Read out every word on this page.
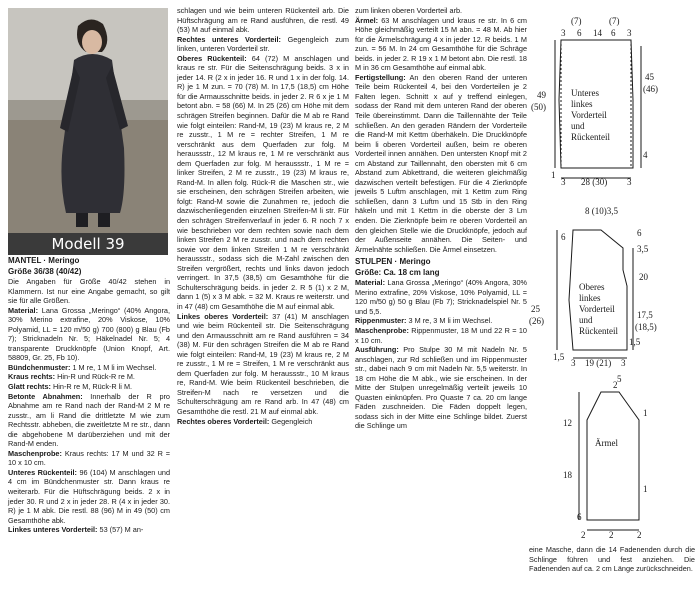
Modell 39

MANTEL · Meringo

Größe 36/38 (40/42)

Die Angaben für Größe 40/42 stehen in Klammern. Ist nur eine Angabe gemacht, so gilt sie für alle Größen.

Material: Lana Grossa „Meringo“ (40% Angora, 30% Merino extrafine, 20% Viskose, 10% Polyamid, LL = 120 m/50 g) 700 (800) g Blau (Fb 7); Stricknadeln Nr. 5; Häkelnadel Nr. 5; 4 transparente Druckknöpfe (Union Knopf, Art. 58809, Gr. 25, Fb 10).

Bündchenmuster: 1 M re, 1 M li im Wechsel.

Kraus rechts: Hin-R und Rück-R re M.

Glatt rechts: Hin-R re M, Rück-R li M.

Betonte Abnahmen: Innerhalb der R pro Abnahme am re Rand nach der Rand-M 2 M re zusstr., am li Rand die drittletzte M wie zum Rechtsstr. abheben, die zweitletzte M re str., dann die abgehobene M darüberziehen und mit der Rand-M enden.

Maschenprobe: Kraus rechts: 17 M und 32 R = 10 x 10 cm.

Unteres Rückenteil: 96 (104) M anschlagen und 4 cm im Bündchenmuster str. Dann kraus re weiterarb. Für die Hüftschrägung beids. 2 x in jeder 30. R und 2 x in jeder 28. R (4 x in jeder 30. R) je 1 M abk. Die restl. 88 (96) M in 49 (50) cm Gesamthöhe abk.

Linkes unteres Vorderteil: 53 (57) M an-

schlagen und wie beim unteren Rückenteil arb. Die Hüftschrägung am re Rand ausführen, die restl. 49 (53) M auf einmal abk.

Rechtes unteres Vorderteil: Gegengleich zum linken, unteren Vorderteil str.

Oberes Rückenteil: 64 (72) M anschlagen und kraus re str. Für die Seitenschrägung beids. 3 x in jeder 14. R (2 x in jeder 16. R und 1 x in der folg. 14. R) je 1 M zun. = 70 (78) M. In 17,5 (18,5) cm Höhe für die Armausschnitte beids. in jeder 2. R 6 x je 1 M betont abn. = 58 (66) M. In 25 (26) cm Höhe mit dem schrägen Streifen beginnen. Dafür die M ab re Rand wie folgt einteilen: Rand-M, 19 (23) M kraus re, 2 M re zusstr., 1 M re = rechter Streifen, 1 M re verschränkt aus dem Querfaden zur folg. M heraussstr., 12 M kraus re, 1 M re verschränkt aus dem Querfaden zur folg. M heraussstr., 1 M re = linker Streifen, 2 M re zusstr., 19 (23) M kraus re, Rand-M. In allen folg. Rück-R die Maschen str., wie sie erscheinen, den schrägen Streifen arbeiten, wie folgt: Rand-M sowie die Zunahmen re, jedoch die dazwischenliegenden einzelnen Streifen-M li str. Für den schrägen Streifenverlauf in jeder 6. R noch 7 x wie beschrieben vor dem rechten sowie nach dem linken Streifen 2 M re zusstr. und nach dem rechten sowie vor dem linken Streifen 1 M re verschränkt heraussstr., sodass sich die M-Zahl zwischen den Streifen vergrößert, rechts und links davon jedoch verringert. In 37,5 (38,5) cm Gesamthöhe für die Schulterschrägung beids. in jeder 2. R 5 (1) x 2 M, dann 1 (5) x 3 M abk. = 32 M. Kraus re weiterstr. und in 47 (48) cm Gesamthöhe die M auf einmal abk.

Linkes oberes Vorderteil: 37 (41) M anschlagen und wie beim Rückenteil str. Die Seitenschrägung und den Armausschnitt am re Rand ausführen = 34 (38) M. Für den schrägen Streifen die M ab re Rand wie folgt einteilen: Rand-M, 19 (23) M kraus re, 2 M re zusstr., 1 M re = Streifen, 1 M re verschränkt aus dem Querfaden zur folg. M heraussstr., 10 M kraus re, Rand-M. Wie beim Rückenteil beschrieben, die Streifen-M nach re versetzen und die Schulterschrägung am re Rand arb. In 47 (48) cm Gesamthöhe die restl. 21 M auf einmal abk.

Rechtes oberes Vorderteil: Gegengleich

zum linken oberen Vorderteil arb.

Ärmel: 63 M anschlagen und kraus re str. In 6 cm Höhe gleichmäßig verteilt 15 M abn. = 48 M. Ab hier für die Ärmelschrägung 4 x in jeder 12. R beids. 1 M zun. = 56 M. In 24 cm Gesamthöhe für die Schräge beids. in jeder 2. R 19 x 1 M betont abn. Die restl. 18 M in 36 cm Gesamthöhe auf einmal abk.

Fertigstellung: An den oberen Rand der unteren Teile beim Rückenteil 4, bei den Vorderteilen je 2 Falten legen. Schnitt x auf y treffend einlegen, sodass der Rand mit dem unteren Rand der oberen Teile übereinstimmt. Dann die Taillennähte der Teile schließen. An den geraden Rändern der Vorderteile die Rand-M mit Kettm überhäkeln. Die Druckknöpfe beim li oberen Vorderteil außen, beim re oberen Vorderteil innen annähen. Den untersten Knopf mit 2 cm Abstand zur Taillennaht, den obersten mit 6 cm Abstand zum Abkettrand, die weiteren gleichmäßig dazwischen verteilt befestigen. Für die 4 Zierknöpfe jeweils 5 Luftm anschlagen, mit 1 Kettm zum Ring schließen, dann 3 Luftm und 15 Stb in den Ring häkeln und mit 1 Kettm in die oberste der 3 Lm enden. Die Zierknöpfe beim re oberen Vorderteil an den gleichen Stelle wie die Druckknöpfe, jedoch auf der Außenseite annähen. Die Seiten- und Ärmelnähte schließen. Die Ärmel einsetzen.

STULPEN · Meringo

Größe: Ca. 18 cm lang

Material: Lana Grossa „Meringo“ (40% Angora, 30% Merino extrafine, 20% Viskose, 10% Polyamid, LL = 120 m/50 g) 50 g Blau (Fb 7); Stricknadelspiel Nr. 5 und 5,5.

Rippenmuster: 3 M re, 3 M li im Wechsel.

Maschenprobe: Rippenmuster, 18 M und 22 R = 10 x 10 cm.

Ausführung: Pro Stulpe 30 M mit Nadeln Nr. 5 anschlagen, zur Rd schließen und im Rippenmuster str., dabei nach 9 cm mit Nadeln Nr. 5,5 weiterstr. In 18 cm Höhe die M abk., wie sie erscheinen. In der Mitte der Stulpen unregelmäßig verteilt jeweils 10 Quasten einknüpfen. Pro Quaste 7 ca. 20 cm lange Fäden zuschneiden. Die Fäden doppelt legen, sodass sich in der Mitte eine Schlinge bildet. Zuerst die Schlinge um

eine Masche, dann die 14 Fadenenden durch die Schlinge führen und fest anziehen. Die Fadenenden auf ca. 2 cm Länge zurückschneiden.

3 6 14 6 3
(7)	(7)
45
(46)
49
(50)
Unteres
linkes
Vorderteil
und
Rückenteil
3 28 (30) 3
4
1
8 (10)3,5
6	6
3,5
20
17,5
(18,5)
25
(26)
Oberes
linkes
Vorderteil
und
Rückenteil
3 19 (21) 3
1,5
1,5
2
5
12
18
1
1
Ärmel
2	2	2
6
